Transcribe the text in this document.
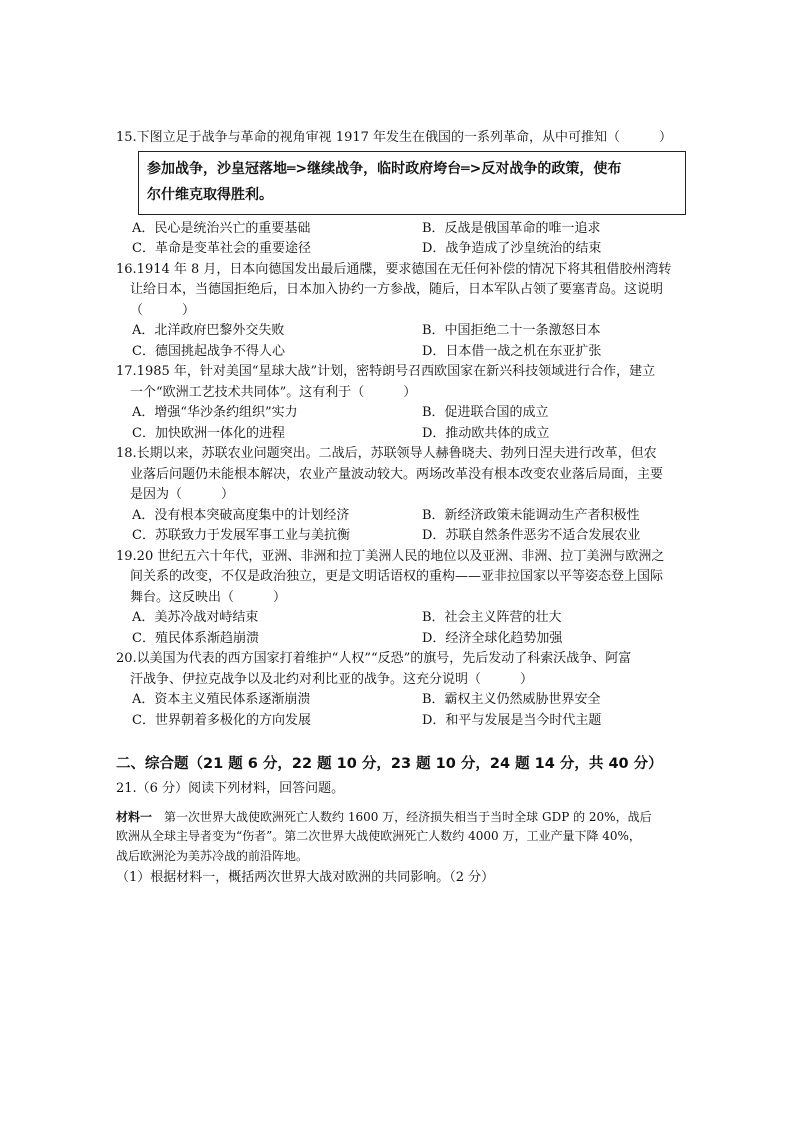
15.下图立足于战争与革命的视角审视 1917 年发生在俄国的一系列革命，从中可推知（　　　）
参加战争，沙皇冠落地═>继续战争，临时政府垮台═>反对战争的政策，使布
尔什维克取得胜利。
A．民心是统治兴亡的重要基础	B．反战是俄国革命的唯一追求
C．革命是变革社会的重要途径	D．战争造成了沙皇统治的结束
16.1914 年 8 月，日本向德国发出最后通牒，要求德国在无任何补偿的情况下将其租借胶州湾转
让给日本，当德国拒绝后，日本加入协约一方参战，随后，日本军队占领了要塞青岛。这说明
（　　　）
A．北洋政府巴黎外交失败	B．中国拒绝二十一条激怒日本
C．德国挑起战争不得人心	D．日本借一战之机在东亚扩张
17.1985 年，针对美国“星球大战”计划，密特朗号召西欧国家在新兴科技领域进行合作，建立
一个“欧洲工艺技术共同体”。这有利于（　　　）
A．增强“华沙条约组织”实力	B．促进联合国的成立
C．加快欧洲一体化的进程	D．推动欧共体的成立
18.长期以来，苏联农业问题突出。二战后，苏联领导人赫鲁晓夫、勃列日涅夫进行改革，但农
业落后问题仍未能根本解决，农业产量波动较大。两场改革没有根本改变农业落后局面，主要
是因为（　　　）
A．没有根本突破高度集中的计划经济	B．新经济政策未能调动生产者积极性
C．苏联致力于发展军事工业与美抗衡	D．苏联自然条件恶劣不适合发展农业
19.20 世纪五六十年代，亚洲、非洲和拉丁美洲人民的地位以及亚洲、非洲、拉丁美洲与欧洲之
间关系的改变，不仅是政治独立，更是文明话语权的重构——亚非拉国家以平等姿态登上国际
舞台。这反映出（　　　）
A．美苏冷战对峙结束	B．社会主义阵营的壮大
C．殖民体系渐趋崩溃	D．经济全球化趋势加强
20.以美国为代表的西方国家打着维护“人权”“反恐”的旗号，先后发动了科索沃战争、阿富
汗战争、伊拉克战争以及北约对利比亚的战争。这充分说明（　　　）
A．资本主义殖民体系逐渐崩溃	B．霸权主义仍然威胁世界安全
C．世界朝着多极化的方向发展	D．和平与发展是当今时代主题
二、综合题（21 题 6 分，22 题 10 分，23 题 10 分，24 题 14 分，共 40 分）
21.（6 分）阅读下列材料，回答问题。
材料一　第一次世界大战使欧洲死亡人数约 1600 万，经济损失相当于当时全球 GDP 的 20%，战后
欧洲从全球主导者变为“伤者”。第二次世界大战使欧洲死亡人数约 4000 万，工业产量下降 40%，
战后欧洲沦为美苏冷战的前沿阵地。
（1）根据材料一，概括两次世界大战对欧洲的共同影响。（2 分）
